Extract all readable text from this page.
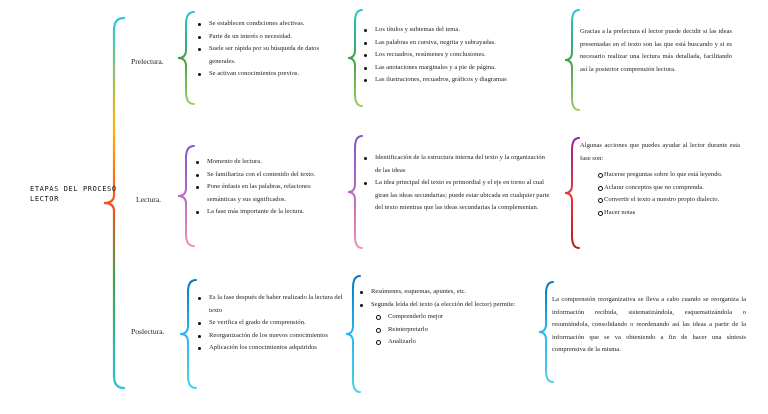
ETAPAS DEL PROCESO LECTOR
Prelectura.
Lectura.
Poslectura.
Se establecen condiciones afectivas.
Parte de un interés o necesidad.
Suele ser rápida por su búsqueda de datos generales.
Se activan conocimientos previos.
Los títulos y subtemas del tema.
Las palabras en cursiva, negrita y subrayadas.
Los recuadros, resúmenes y conclusiones.
Las anotaciones marginales y a pie de página.
Las ilustraciones, recuadros, gráficos y diagramas

Gracias a la prelectura el lector puede decidir si las ideas presentadas en el texto son las que está buscando y si es necesario realizar una lectura más detallada, facilitando así la posterior comprensión lectora.

Momento de lectura.
Se familiariza con el contenido del texto.
Pone énfasis en las palabras, relaciones semánticas y sus significados.
La fase más importante de la lectura.
Identificación de la estructura interna del texto y la organización de las ideas
La idea principal del texto es primordial y el eje en torno al cual giran las ideas secundarias; puede estar ubicada en cualquier parte del texto mientras que las ideas secundarias la complementan.

Algunas acciones que puedes ayudar al lector durante esta fase son:

Hacerse preguntas sobre lo que está leyendo.
Aclarar conceptos que no comprenda.
Convertir el texto a nuestro propio dialecto.
Hacer notas
Es la fase después de haber realizado la lectura del texto
Se verifica el grado de comprensión.
Reorganización de los nuevos conocimientos
Aplicación los conocimientos adquiridos
Resúmenes, esquemas, apuntes, etc.
Segunda leída del texto (a elección del lector) permite:
Comprenderlo mejor
Reinterpretarlo
Analizarlo

La comprensión reorganizativa se lleva a cabo cuando se reorganiza la información recibida, sistematizándola, esquematizándola o resumiéndola, consolidando o reordenando así las ideas a partir de la información que se va obteniendo a fin de hacer una síntesis comprensiva de la misma.
